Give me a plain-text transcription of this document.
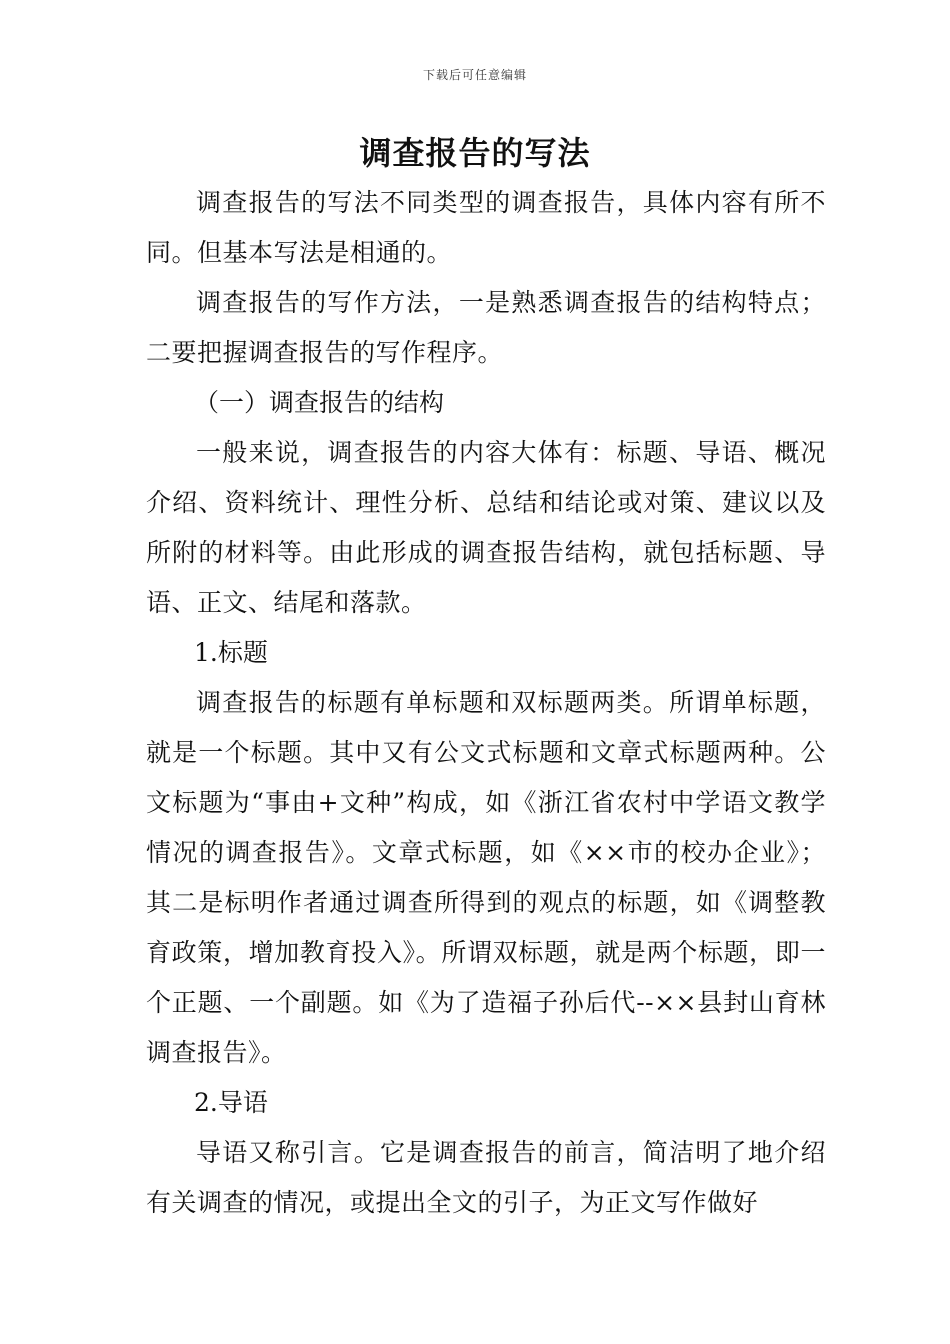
下载后可任意编辑
调查报告的写法

调查报告的写法不同类型的调查报告，具体内容有所不同。但基本写法是相通的。

调查报告的写作方法，一是熟悉调查报告的结构特点；二要把握调查报告的写作程序。

（一）调查报告的结构

一般来说，调查报告的内容大体有：标题、导语、概况介绍、资料统计、理性分析、总结和结论或对策、建议以及所附的材料等。由此形成的调查报告结构，就包括标题、导语、正文、结尾和落款。

1.标题

调查报告的标题有单标题和双标题两类。所谓单标题，就是一个标题。其中又有公文式标题和文章式标题两种。公文标题为“事由+文种”构成，如《浙江省农村中学语文教学情况的调查报告》。文章式标题，如《××市的校办企业》；其二是标明作者通过调查所得到的观点的标题，如《调整教育政策，增加教育投入》。所谓双标题，就是两个标题，即一个正题、一个副题。如《为了造福子孙后代--××县封山育林调查报告》。

2.导语

导语又称引言。它是调查报告的前言，简洁明了地介绍有关调查的情况，或提出全文的引子，为正文写作做好
